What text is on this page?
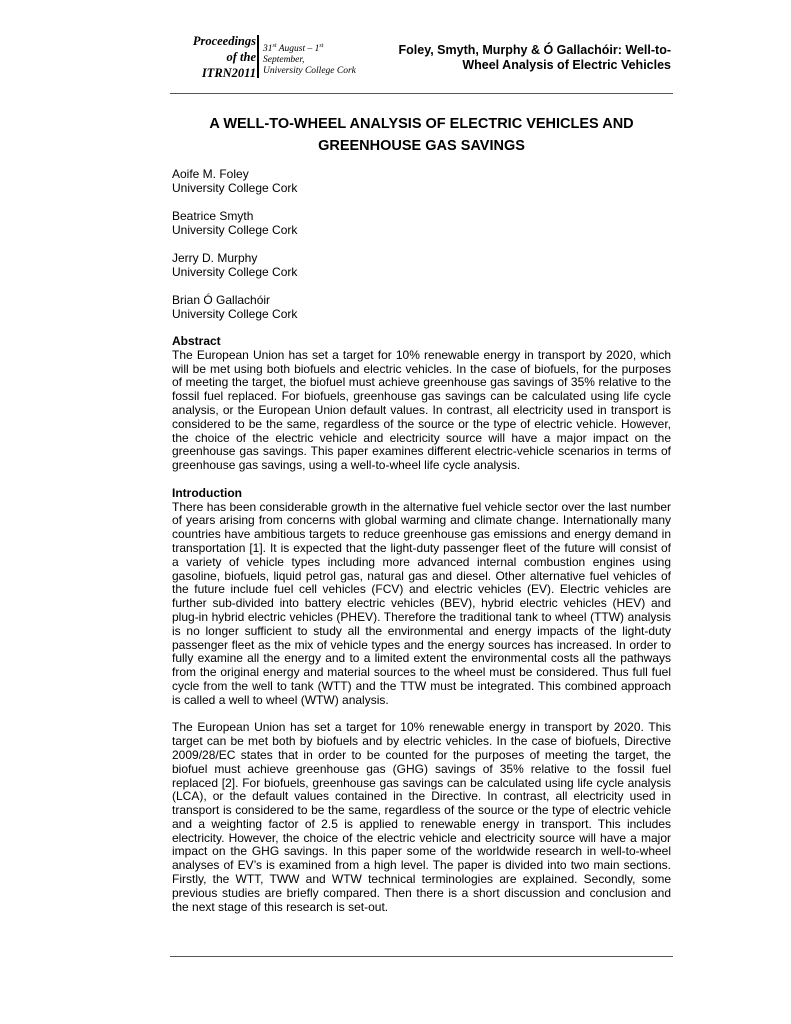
Proceedings
of the
ITRN2011
31st August – 1st
September,
University College Cork
Foley, Smyth, Murphy & Ó Gallachóir: Well-to-
Wheel Analysis of Electric Vehicles
A WELL-TO-WHEEL ANALYSIS OF ELECTRIC VEHICLES AND
GREENHOUSE GAS SAVINGS
Aoife M. Foley
University College Cork
Beatrice Smyth
University College Cork
Jerry D. Murphy
University College Cork
Brian Ó Gallachóir
University College Cork
Abstract

The European Union has set a target for 10% renewable energy in transport by 2020, which will be met using both biofuels and electric vehicles. In the case of biofuels, for the purposes of meeting the target, the biofuel must achieve greenhouse gas savings of 35% relative to the fossil fuel replaced. For biofuels, greenhouse gas savings can be calculated using life cycle analysis, or the European Union default values. In contrast, all electricity used in transport is considered to be the same, regardless of the source or the type of electric vehicle. However, the choice of the electric vehicle and electricity source will have a major impact on the greenhouse gas savings. This paper examines different electric-vehicle scenarios in terms of greenhouse gas savings, using a well-to-wheel life cycle analysis.

Introduction

There has been considerable growth in the alternative fuel vehicle sector over the last number of years arising from concerns with global warming and climate change. Internationally many countries have ambitious targets to reduce greenhouse gas emissions and energy demand in transportation [1]. It is expected that the light-duty passenger fleet of the future will consist of a variety of vehicle types including more advanced internal combustion engines using gasoline, biofuels, liquid petrol gas, natural gas and diesel. Other alternative fuel vehicles of the future include fuel cell vehicles (FCV) and electric vehicles (EV). Electric vehicles are further sub-divided into battery electric vehicles (BEV), hybrid electric vehicles (HEV) and plug-in hybrid electric vehicles (PHEV). Therefore the traditional tank to wheel (TTW) analysis is no longer sufficient to study all the environmental and energy impacts of the light-duty passenger fleet as the mix of vehicle types and the energy sources has increased. In order to fully examine all the energy and to a limited extent the environmental costs all the pathways from the original energy and material sources to the wheel must be considered. Thus full fuel cycle from the well to tank (WTT) and the TTW must be integrated. This combined approach is called a well to wheel (WTW) analysis.

The European Union has set a target for 10% renewable energy in transport by 2020. This target can be met both by biofuels and by electric vehicles. In the case of biofuels, Directive 2009/28/EC states that in order to be counted for the purposes of meeting the target, the biofuel must achieve greenhouse gas (GHG) savings of 35% relative to the fossil fuel replaced [2]. For biofuels, greenhouse gas savings can be calculated using life cycle analysis (LCA), or the default values contained in the Directive. In contrast, all electricity used in transport is considered to be the same, regardless of the source or the type of electric vehicle and a weighting factor of 2.5 is applied to renewable energy in transport. This includes electricity. However, the choice of the electric vehicle and electricity source will have a major impact on the GHG savings. In this paper some of the worldwide research in well-to-wheel analyses of EV’s is examined from a high level. The paper is divided into two main sections. Firstly, the WTT, TWW and WTW technical terminologies are explained. Secondly, some previous studies are briefly compared. Then there is a short discussion and conclusion and the next stage of this research is set-out.
